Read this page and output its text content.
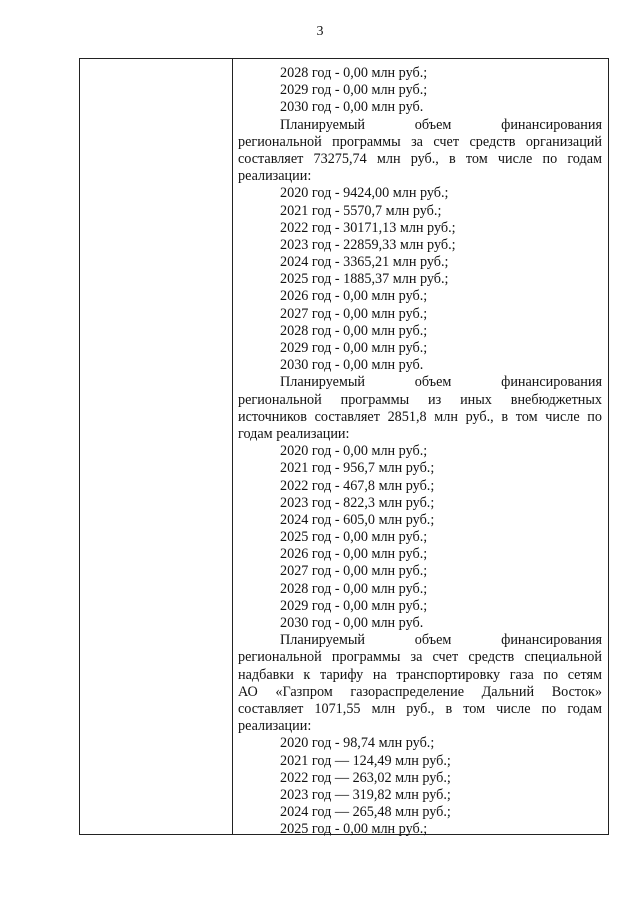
3
2028 год - 0,00 млн руб.;
2029 год - 0,00 млн руб.;
2030 год - 0,00 млн руб.
Планируемый объем финансирования
региональной программы за счет средств организаций
составляет 73275,74 млн руб., в том числе по годам
реализации:
2020 год - 9424,00 млн руб.;
2021 год - 5570,7 млн руб.;
2022 год - 30171,13 млн руб.;
2023 год - 22859,33 млн руб.;
2024 год - 3365,21 млн руб.;
2025 год - 1885,37 млн руб.;
2026 год - 0,00 млн руб.;
2027 год - 0,00 млн руб.;
2028 год - 0,00 млн руб.;
2029 год - 0,00 млн руб.;
2030 год - 0,00 млн руб.
Планируемый объем финансирования
региональной программы из иных внебюджетных
источников составляет 2851,8 млн руб., в том числе по
годам реализации:
2020 год - 0,00 млн руб.;
2021 год - 956,7 млн руб.;
2022 год - 467,8 млн руб.;
2023 год - 822,3 млн руб.;
2024 год - 605,0 млн руб.;
2025 год - 0,00 млн руб.;
2026 год - 0,00 млн руб.;
2027 год - 0,00 млн руб.;
2028 год - 0,00 млн руб.;
2029 год - 0,00 млн руб.;
2030 год - 0,00 млн руб.
Планируемый объем финансирования
региональной программы за счет средств специальной
надбавки к тарифу на транспортировку газа по сетям
АО «Газпром газораспределение Дальний Восток»
составляет 1071,55 млн руб., в том числе по годам
реализации:
2020 год - 98,74 млн руб.;
2021 год — 124,49 млн руб.;
2022 год — 263,02 млн руб.;
2023 год — 319,82 млн руб.;
2024 год — 265,48 млн руб.;
2025 год - 0,00 млн руб.;
